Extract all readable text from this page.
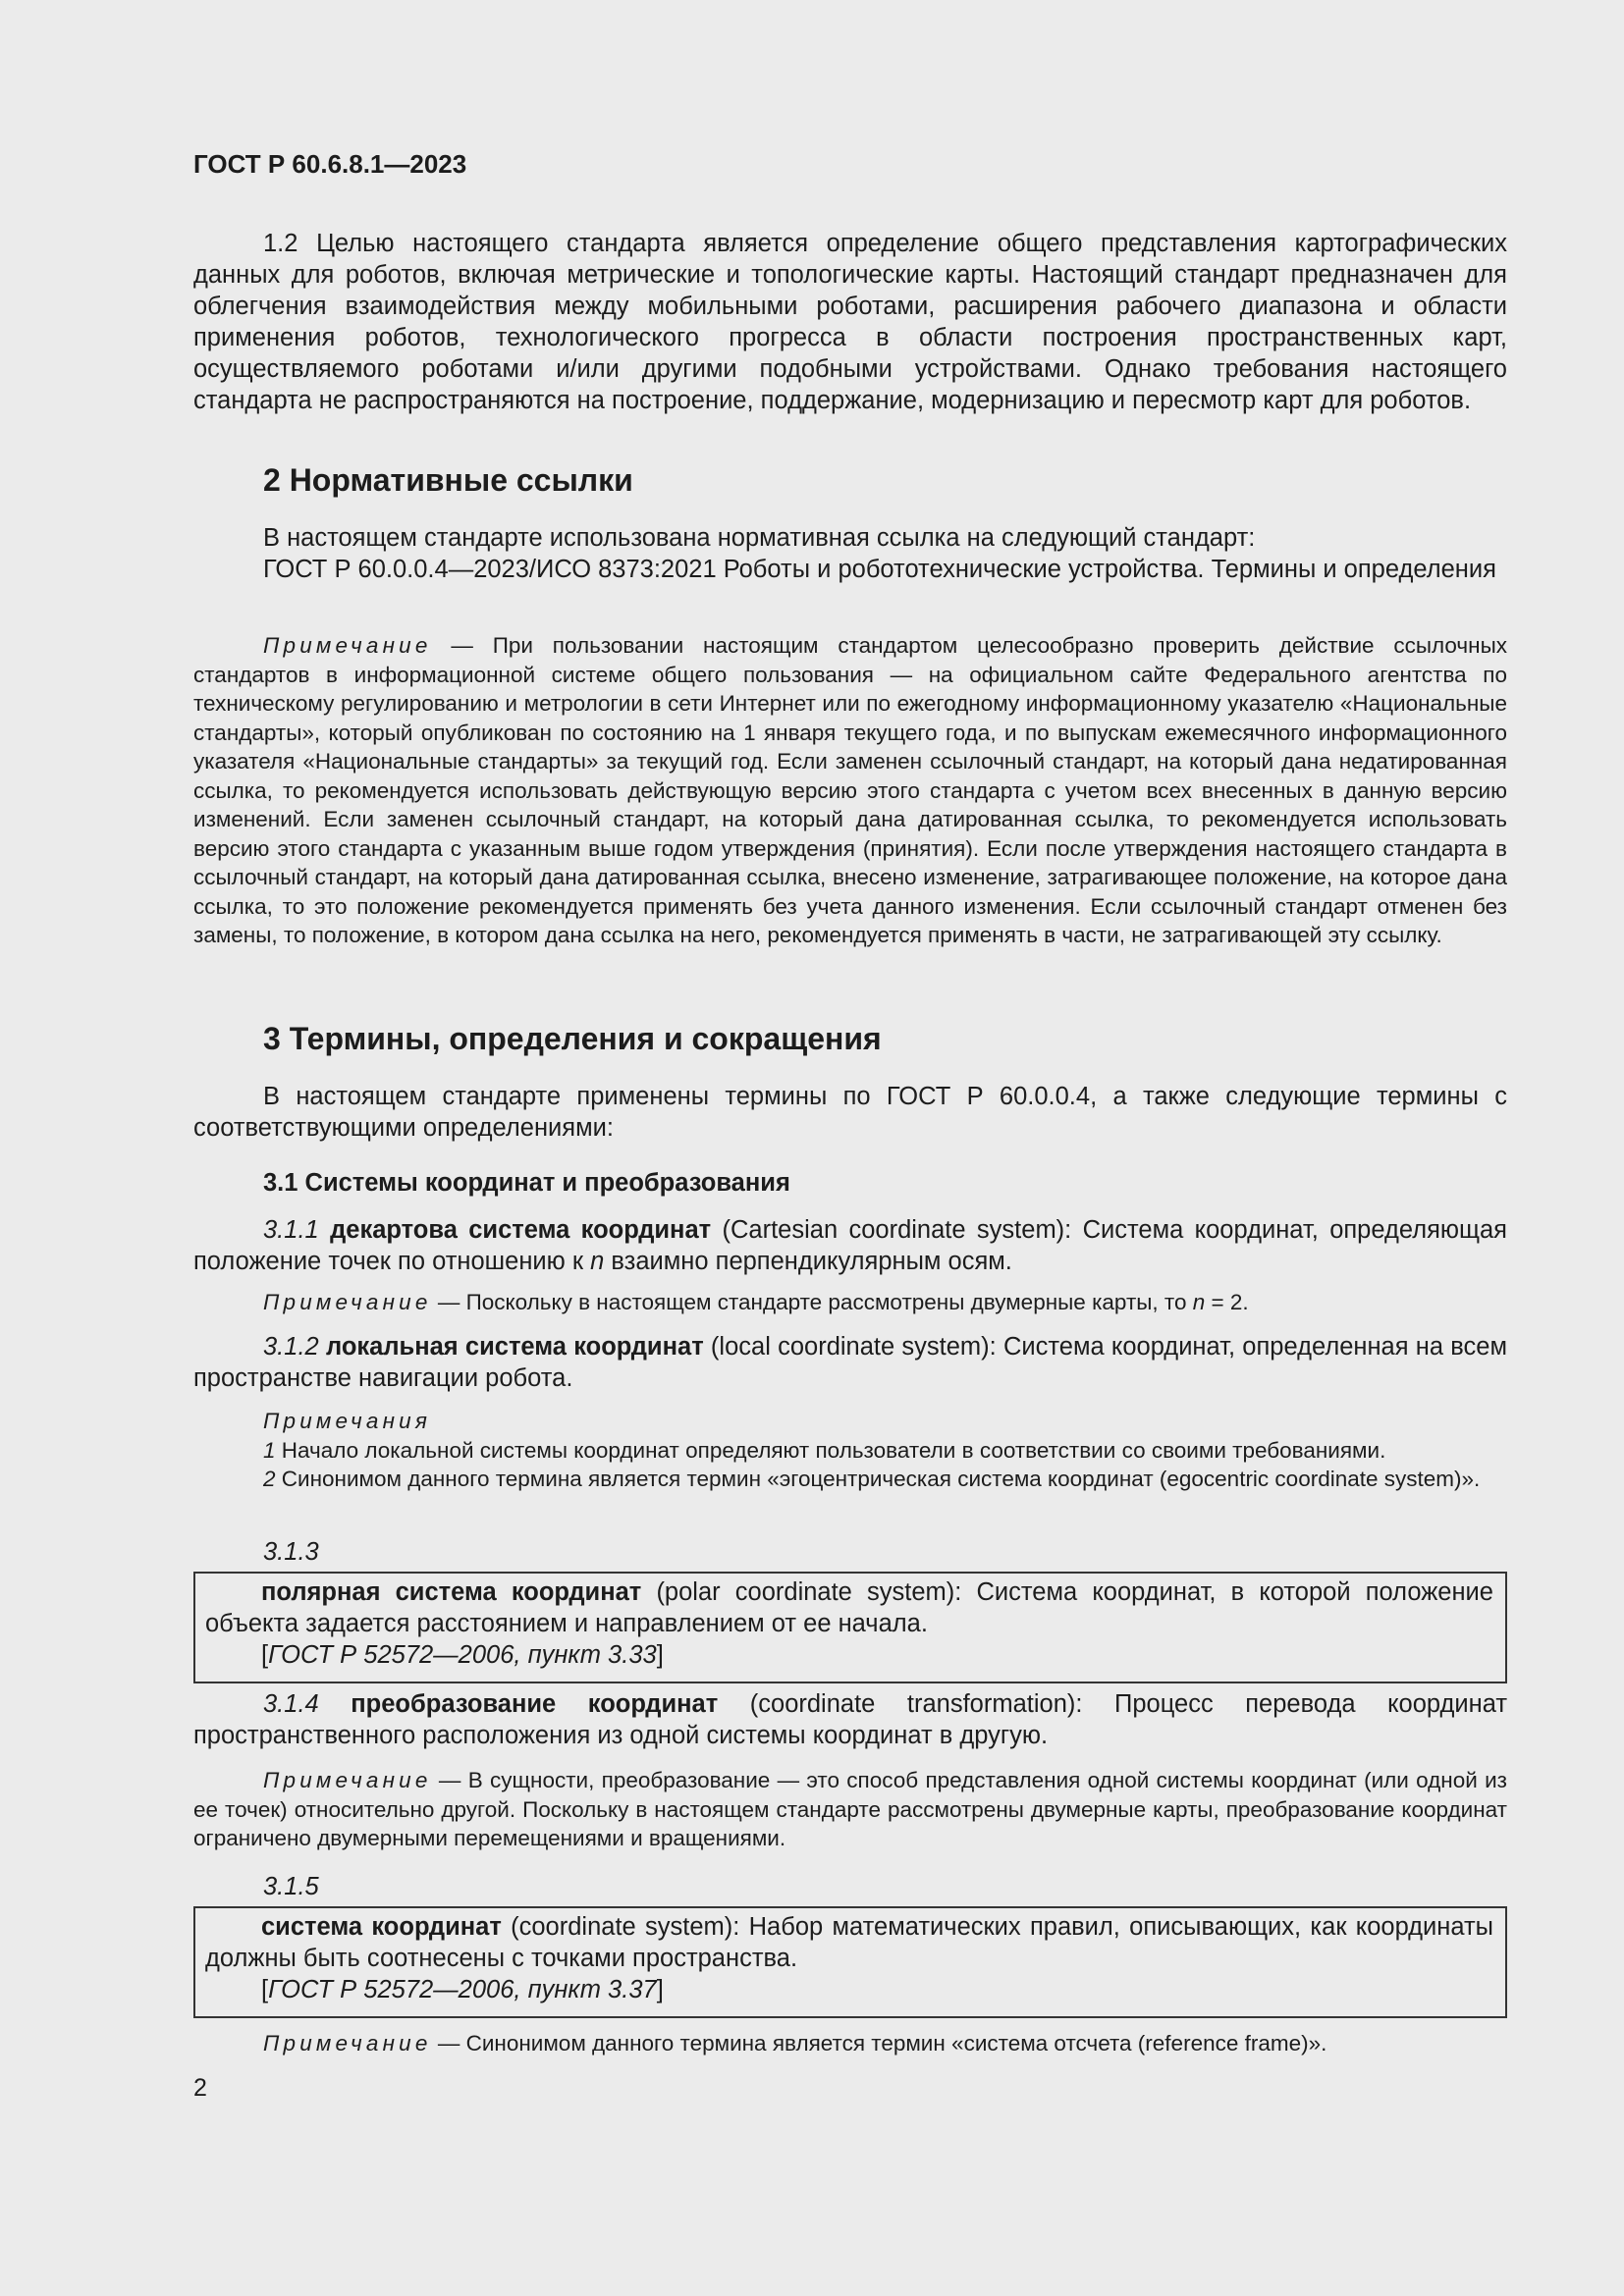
ГОСТ Р 60.6.8.1—2023

1.2 Целью настоящего стандарта является определение общего представления картографических данных для роботов, включая метрические и топологические карты. Настоящий стандарт предназначен для облегчения взаимодействия между мобильными роботами, расширения рабочего диапазона и области применения роботов, технологического прогресса в области построения пространственных карт, осуществляемого роботами и/или другими подобными устройствами. Однако требования настоящего стандарта не распространяются на построение, поддержание, модернизацию и пересмотр карт для роботов.

2 Нормативные ссылки

В настоящем стандарте использована нормативная ссылка на следующий стандарт:

ГОСТ Р 60.0.0.4—2023/ИСО 8373:2021 Роботы и робототехнические устройства. Термины и определения

Примечание — При пользовании настоящим стандартом целесообразно проверить действие ссылочных стандартов в информационной системе общего пользования — на официальном сайте Федерального агентства по техническому регулированию и метрологии в сети Интернет или по ежегодному информационному указателю «Национальные стандарты», который опубликован по состоянию на 1 января текущего года, и по выпускам ежемесячного информационного указателя «Национальные стандарты» за текущий год. Если заменен ссылочный стандарт, на который дана недатированная ссылка, то рекомендуется использовать действующую версию этого стандарта с учетом всех внесенных в данную версию изменений. Если заменен ссылочный стандарт, на который дана датированная ссылка, то рекомендуется использовать версию этого стандарта с указанным выше годом утверждения (принятия). Если после утверждения настоящего стандарта в ссылочный стандарт, на который дана датированная ссылка, внесено изменение, затрагивающее положение, на которое дана ссылка, то это положение рекомендуется применять без учета данного изменения. Если ссылочный стандарт отменен без замены, то положение, в котором дана ссылка на него, рекомендуется применять в части, не затрагивающей эту ссылку.

3 Термины, определения и сокращения

В настоящем стандарте применены термины по ГОСТ Р 60.0.0.4, а также следующие термины с соответствующими определениями:

3.1 Системы координат и преобразования

3.1.1 декартова система координат (Cartesian coordinate system): Система координат, определяющая положение точек по отношению к n взаимно перпендикулярным осям.

Примечание — Поскольку в настоящем стандарте рассмотрены двумерные карты, то n = 2.

3.1.2 локальная система координат (local coordinate system): Система координат, определенная на всем пространстве навигации робота.

Примечания

1 Начало локальной системы координат определяют пользователи в соответствии со своими требованиями.

2 Синонимом данного термина является термин «эгоцентрическая система координат (egocentric coordinate system)».

3.1.3

полярная система координат (polar coordinate system): Система координат, в которой положение объекта задается расстоянием и направлением от ее начала.

[ГОСТ Р 52572—2006, пункт 3.33]

3.1.4 преобразование координат (coordinate transformation): Процесс перевода координат пространственного расположения из одной системы координат в другую.

Примечание — В сущности, преобразование — это способ представления одной системы координат (или одной из ее точек) относительно другой. Поскольку в настоящем стандарте рассмотрены двумерные карты, преобразование координат ограничено двумерными перемещениями и вращениями.

3.1.5

система координат (coordinate system): Набор математических правил, описывающих, как координаты должны быть соотнесены с точками пространства.

[ГОСТ Р 52572—2006, пункт 3.37]

Примечание — Синонимом данного термина является термин «система отсчета (reference frame)».

2
